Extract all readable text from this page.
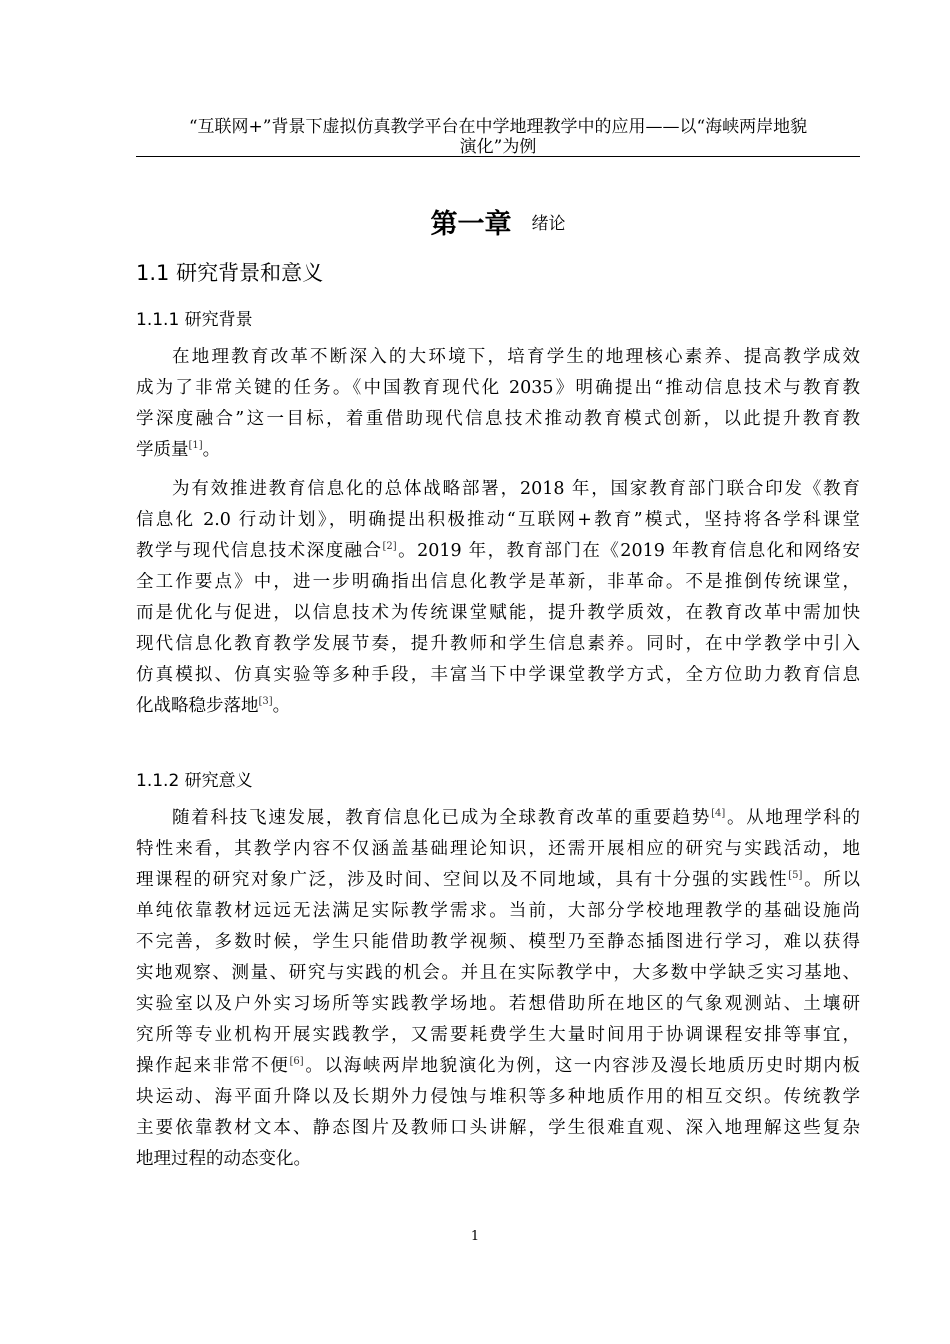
“互联网+”背景下虚拟仿真教学平台在中学地理教学中的应用——以“海峡两岸地貌
演化”为例
第一章 绪论
1.1 研究背景和意义
1.1.1 研究背景

在地理教育改革不断深入的大环境下，培育学生的地理核心素养、提高教学成效
成为了非常关键的任务。《中国教育现代化 2035》明确提出“推动信息技术与教育教
学深度融合”这一目标，着重借助现代信息技术推动教育模式创新，以此提升教育教
学质量[1]。

为有效推进教育信息化的总体战略部署，2018 年，国家教育部门联合印发《教育
信息化 2.0 行动计划》，明确提出积极推动“互联网+教育”模式，坚持将各学科课堂
教学与现代信息技术深度融合[2]。2019 年，教育部门在《2019 年教育信息化和网络安
全工作要点》中，进一步明确指出信息化教学是革新，非革命。不是推倒传统课堂，
而是优化与促进，以信息技术为传统课堂赋能，提升教学质效，在教育改革中需加快
现代信息化教育教学发展节奏，提升教师和学生信息素养。同时，在中学教学中引入
仿真模拟、仿真实验等多种手段，丰富当下中学课堂教学方式，全方位助力教育信息
化战略稳步落地[3]。

1.1.2 研究意义

随着科技飞速发展，教育信息化已成为全球教育改革的重要趋势[4]。从地理学科的
特性来看，其教学内容不仅涵盖基础理论知识，还需开展相应的研究与实践活动，地
理课程的研究对象广泛，涉及时间、空间以及不同地域，具有十分强的实践性[5]。所以
单纯依靠教材远远无法满足实际教学需求。当前，大部分学校地理教学的基础设施尚
不完善，多数时候，学生只能借助教学视频、模型乃至静态插图进行学习，难以获得
实地观察、测量、研究与实践的机会。并且在实际教学中，大多数中学缺乏实习基地、
实验室以及户外实习场所等实践教学场地。若想借助所在地区的气象观测站、土壤研
究所等专业机构开展实践教学，又需要耗费学生大量时间用于协调课程安排等事宜，
操作起来非常不便[6]。以海峡两岸地貌演化为例，这一内容涉及漫长地质历史时期内板
块运动、海平面升降以及长期外力侵蚀与堆积等多种地质作用的相互交织。传统教学
主要依靠教材文本、静态图片及教师口头讲解，学生很难直观、深入地理解这些复杂
地理过程的动态变化。

1
